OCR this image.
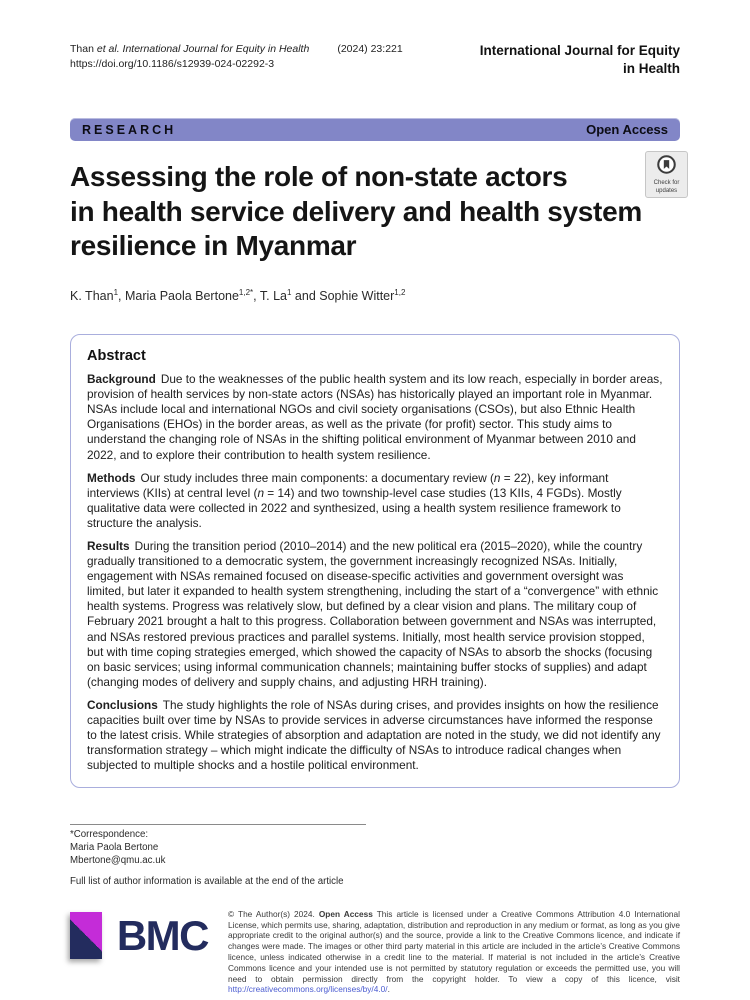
Than et al. International Journal for Equity in Health	(2024) 23:221
https://doi.org/10.1186/s12939-024-02292-3
International Journal for Equity
in Health
RESEARCH	Open Access
Assessing the role of non-state actors
in health service delivery and health system
resilience in Myanmar
Check for
updates
K. Than$^1$, Maria Paola Bertone$^{1,2*}$, T. La$^1$ and Sophie Witter$^{1,2}$
Abstract

Background Due to the weaknesses of the public health system and its low reach, especially in border areas, provision of health services by non-state actors (NSAs) has historically played an important role in Myanmar. NSAs include local and international NGOs and civil society organisations (CSOs), but also Ethnic Health Organisations (EHOs) in the border areas, as well as the private (for profit) sector. This study aims to understand the changing role of NSAs in the shifting political environment of Myanmar between 2010 and 2022, and to explore their contribution to health system resilience.

Methods Our study includes three main components: a documentary review (n = 22), key informant interviews (KIIs) at central level (n = 14) and two township-level case studies (13 KIIs, 4 FGDs). Mostly qualitative data were collected in 2022 and synthesized, using a health system resilience framework to structure the analysis.

Results During the transition period (2010–2014) and the new political era (2015–2020), while the country gradually transitioned to a democratic system, the government increasingly recognized NSAs. Initially, engagement with NSAs remained focused on disease-specific activities and government oversight was limited, but later it expanded to health system strengthening, including the start of a “convergence” with ethnic health systems. Progress was relatively slow, but defined by a clear vision and plans. The military coup of February 2021 brought a halt to this progress. Collaboration between government and NSAs was interrupted, and NSAs restored previous practices and parallel systems. Initially, most health service provision stopped, but with time coping strategies emerged, which showed the capacity of NSAs to absorb the shocks (focusing on basic services; using informal communication channels; maintaining buffer stocks of supplies) and adapt (changing modes of delivery and supply chains, and adjusting HRH training).

Conclusions The study highlights the role of NSAs during crises, and provides insights on how the resilience capacities built over time by NSAs to provide services in adverse circumstances have informed the response to the latest crisis. While strategies of absorption and adaptation are noted in the study, we did not identify any transformation strategy – which might indicate the difficulty of NSAs to introduce radical changes when subjected to multiple shocks and a hostile political environment.

*Correspondence:
Maria Paola Bertone
Mbertone@qmu.ac.uk
Full list of author information is available at the end of the article
BMC © The Author(s) 2024. Open Access This article is licensed under a Creative Commons Attribution 4.0 International License, which permits use, sharing, adaptation, distribution and reproduction in any medium or format, as long as you give appropriate credit to the original author(s) and the source, provide a link to the Creative Commons licence, and indicate if changes were made. The images or other third party material in this article are included in the article’s Creative Commons licence, unless indicated otherwise in a credit line to the material. If material is not included in the article’s Creative Commons licence and your intended use is not permitted by statutory regulation or exceeds the permitted use, you will need to obtain permission directly from the copyright holder. To view a copy of this licence, visit http://creativecommons.org/licenses/by/4.0/.
